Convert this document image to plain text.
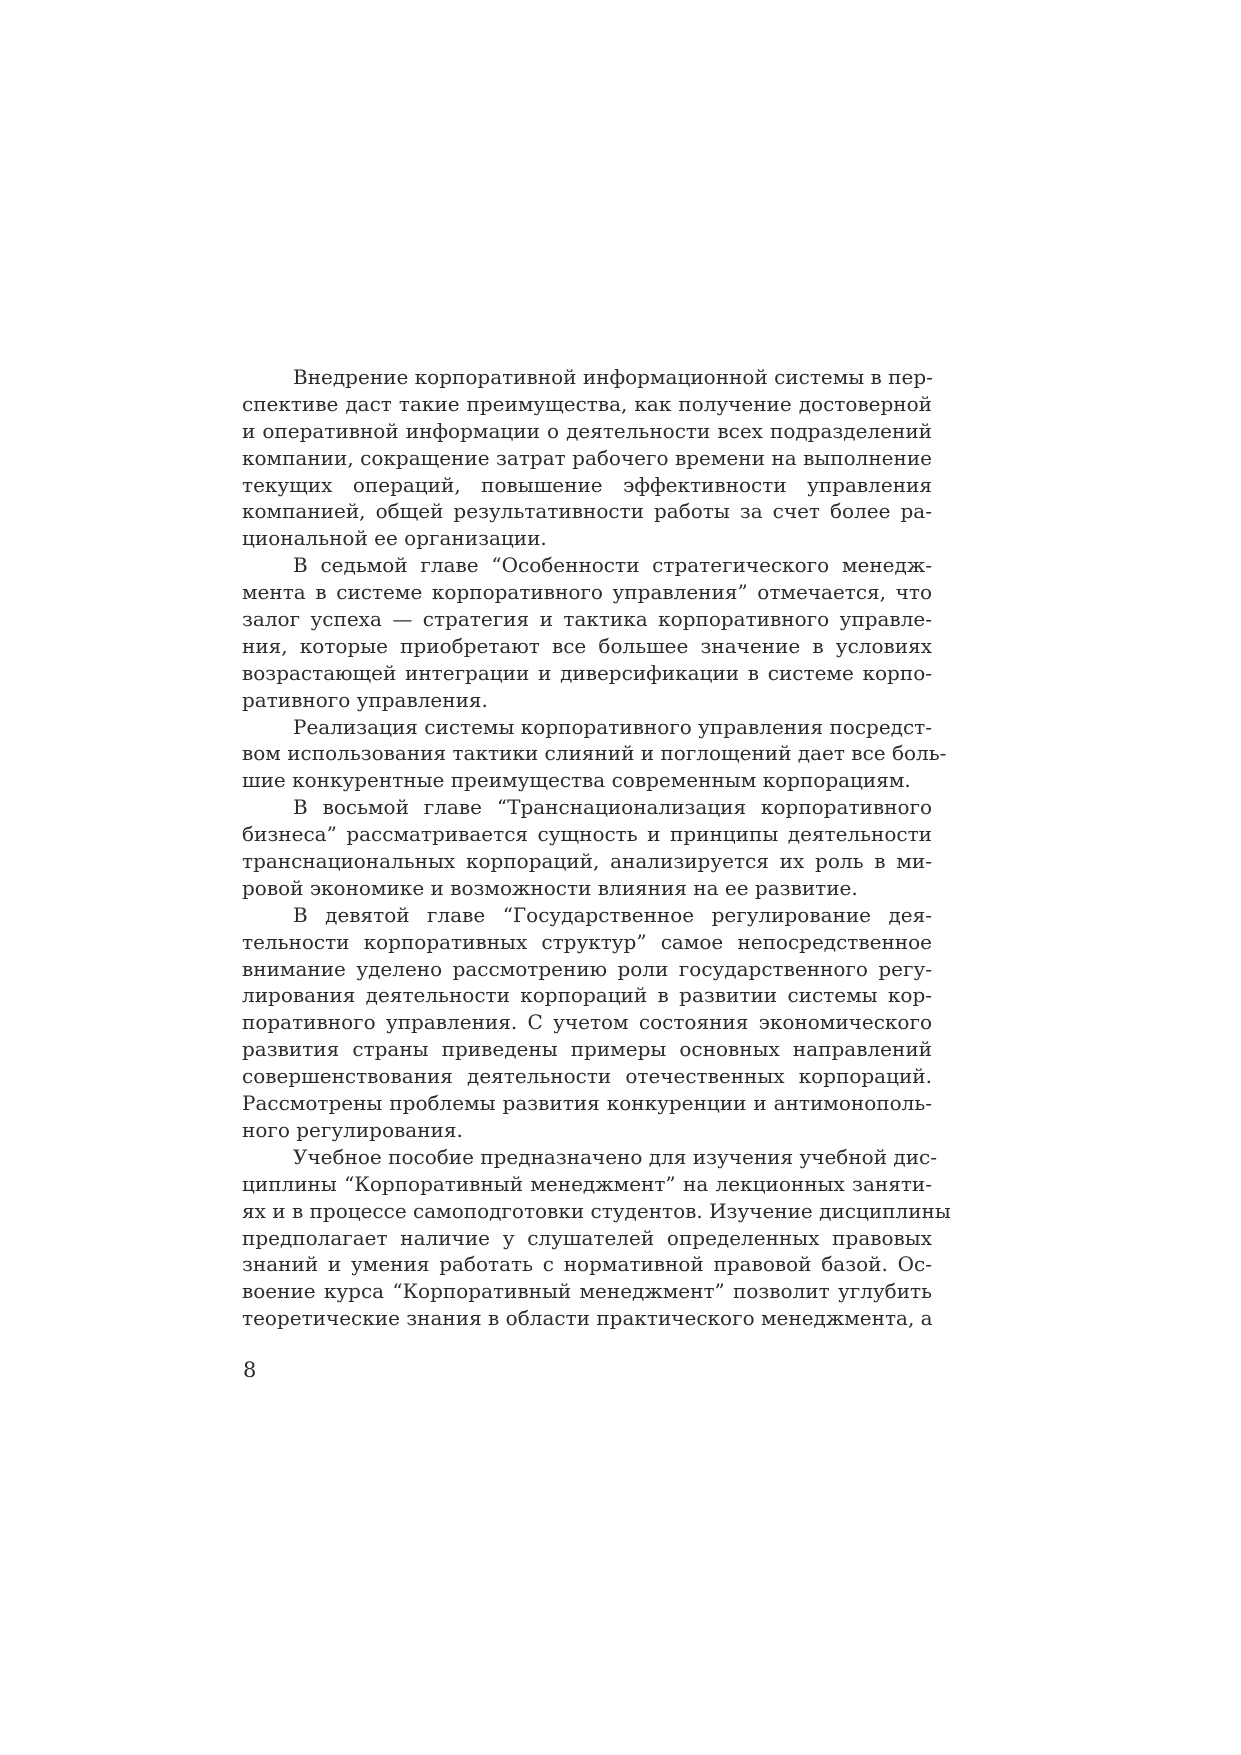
Внедрение корпоративной информационной системы в пер-
спективе даст такие преимущества, как получение достоверной
и оперативной информации о деятельности всех подразделений
компании, сокращение затрат рабочего времени на выполнение
текущих операций, повышение эффективности управления
компанией, общей результативности работы за счет более ра-
циональной ее организации.
В седьмой главе “Особенности стратегического менедж-
мента в системе корпоративного управления” отмечается, что
залог успеха — стратегия и тактика корпоративного управле-
ния, которые приобретают все большее значение в условиях
возрастающей интеграции и диверсификации в системе корпо-
ративного управления.
Реализация системы корпоративного управления посредст-
вом использования тактики слияний и поглощений дает все боль-
шие конкурентные преимущества современным корпорациям.
В восьмой главе “Транснационализация корпоративного
бизнеса” рассматривается сущность и принципы деятельности
транснациональных корпораций, анализируется их роль в ми-
ровой экономике и возможности влияния на ее развитие.
В девятой главе “Государственное регулирование дея-
тельности корпоративных структур” самое непосредственное
внимание уделено рассмотрению роли государственного регу-
лирования деятельности корпораций в развитии системы кор-
поративного управления. С учетом состояния экономического
развития страны приведены примеры основных направлений
совершенствования деятельности отечественных корпораций.
Рассмотрены проблемы развития конкуренции и антимонополь-
ного регулирования.
Учебное пособие предназначено для изучения учебной дис-
циплины “Корпоративный менеджмент” на лекционных заняти-
ях и в процессе самоподготовки студентов. Изучение дисциплины
предполагает наличие у слушателей определенных правовых
знаний и умения работать с нормативной правовой базой. Ос-
воение курса “Корпоративный менеджмент” позволит углубить
теоретические знания в области практического менеджмента, а
8
